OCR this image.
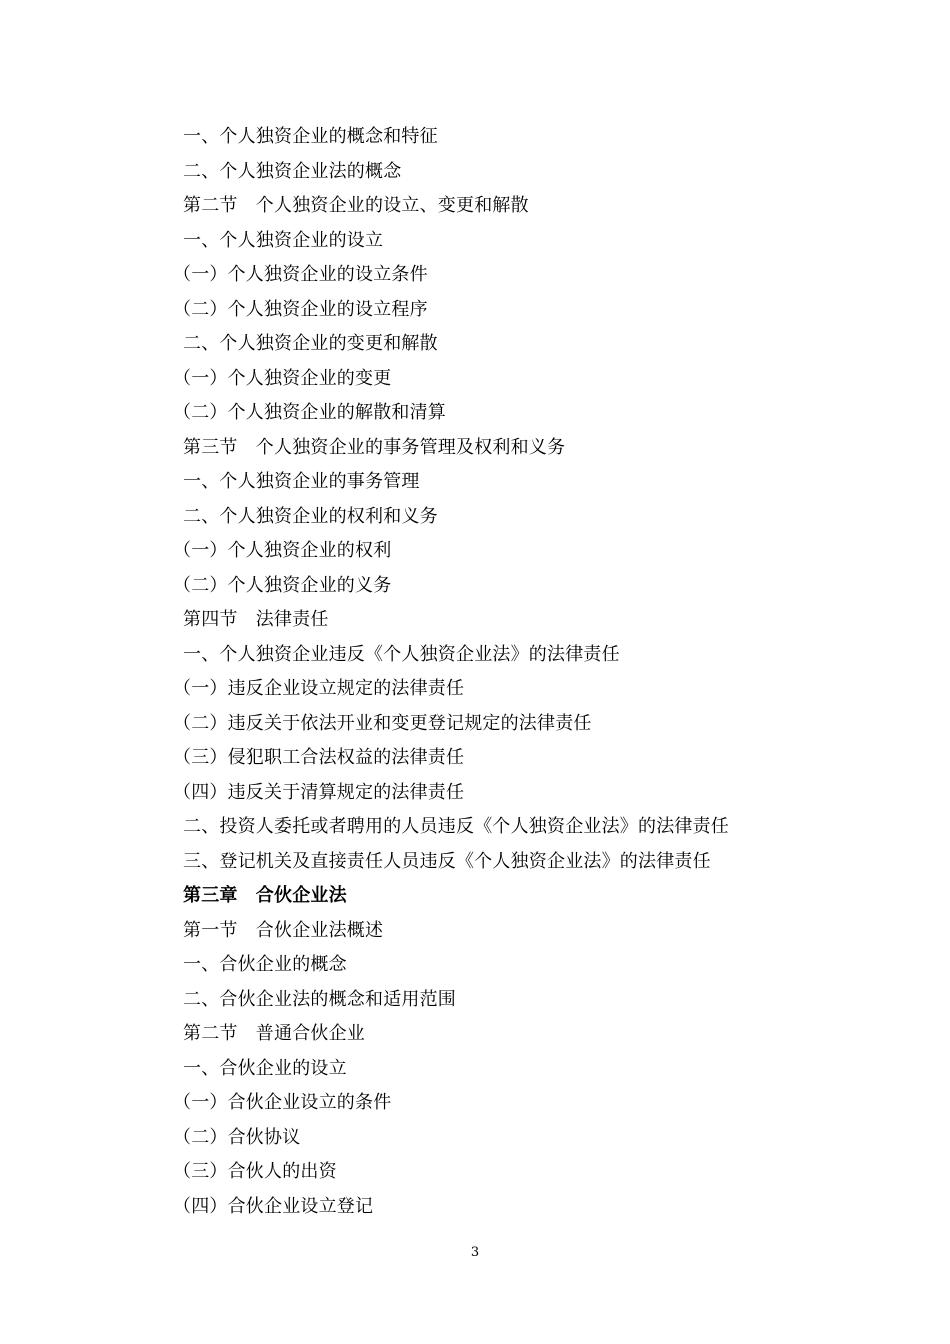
一、个人独资企业的概念和特征
二、个人独资企业法的概念
第二节　个人独资企业的设立、变更和解散
一、个人独资企业的设立
（一）个人独资企业的设立条件
（二）个人独资企业的设立程序
二、个人独资企业的变更和解散
（一）个人独资企业的变更
（二）个人独资企业的解散和清算
第三节　个人独资企业的事务管理及权利和义务
一、个人独资企业的事务管理
二、个人独资企业的权利和义务
（一）个人独资企业的权利
（二）个人独资企业的义务
第四节　法律责任
一、个人独资企业违反《个人独资企业法》的法律责任
（一）违反企业设立规定的法律责任
（二）违反关于依法开业和变更登记规定的法律责任
（三）侵犯职工合法权益的法律责任
（四）违反关于清算规定的法律责任
二、投资人委托或者聘用的人员违反《个人独资企业法》的法律责任
三、登记机关及直接责任人员违反《个人独资企业法》的法律责任
第三章　合伙企业法
第一节　合伙企业法概述
一、合伙企业的概念
二、合伙企业法的概念和适用范围
第二节　普通合伙企业
一、合伙企业的设立
（一）合伙企业设立的条件
（二）合伙协议
（三）合伙人的出资
（四）合伙企业设立登记
3
